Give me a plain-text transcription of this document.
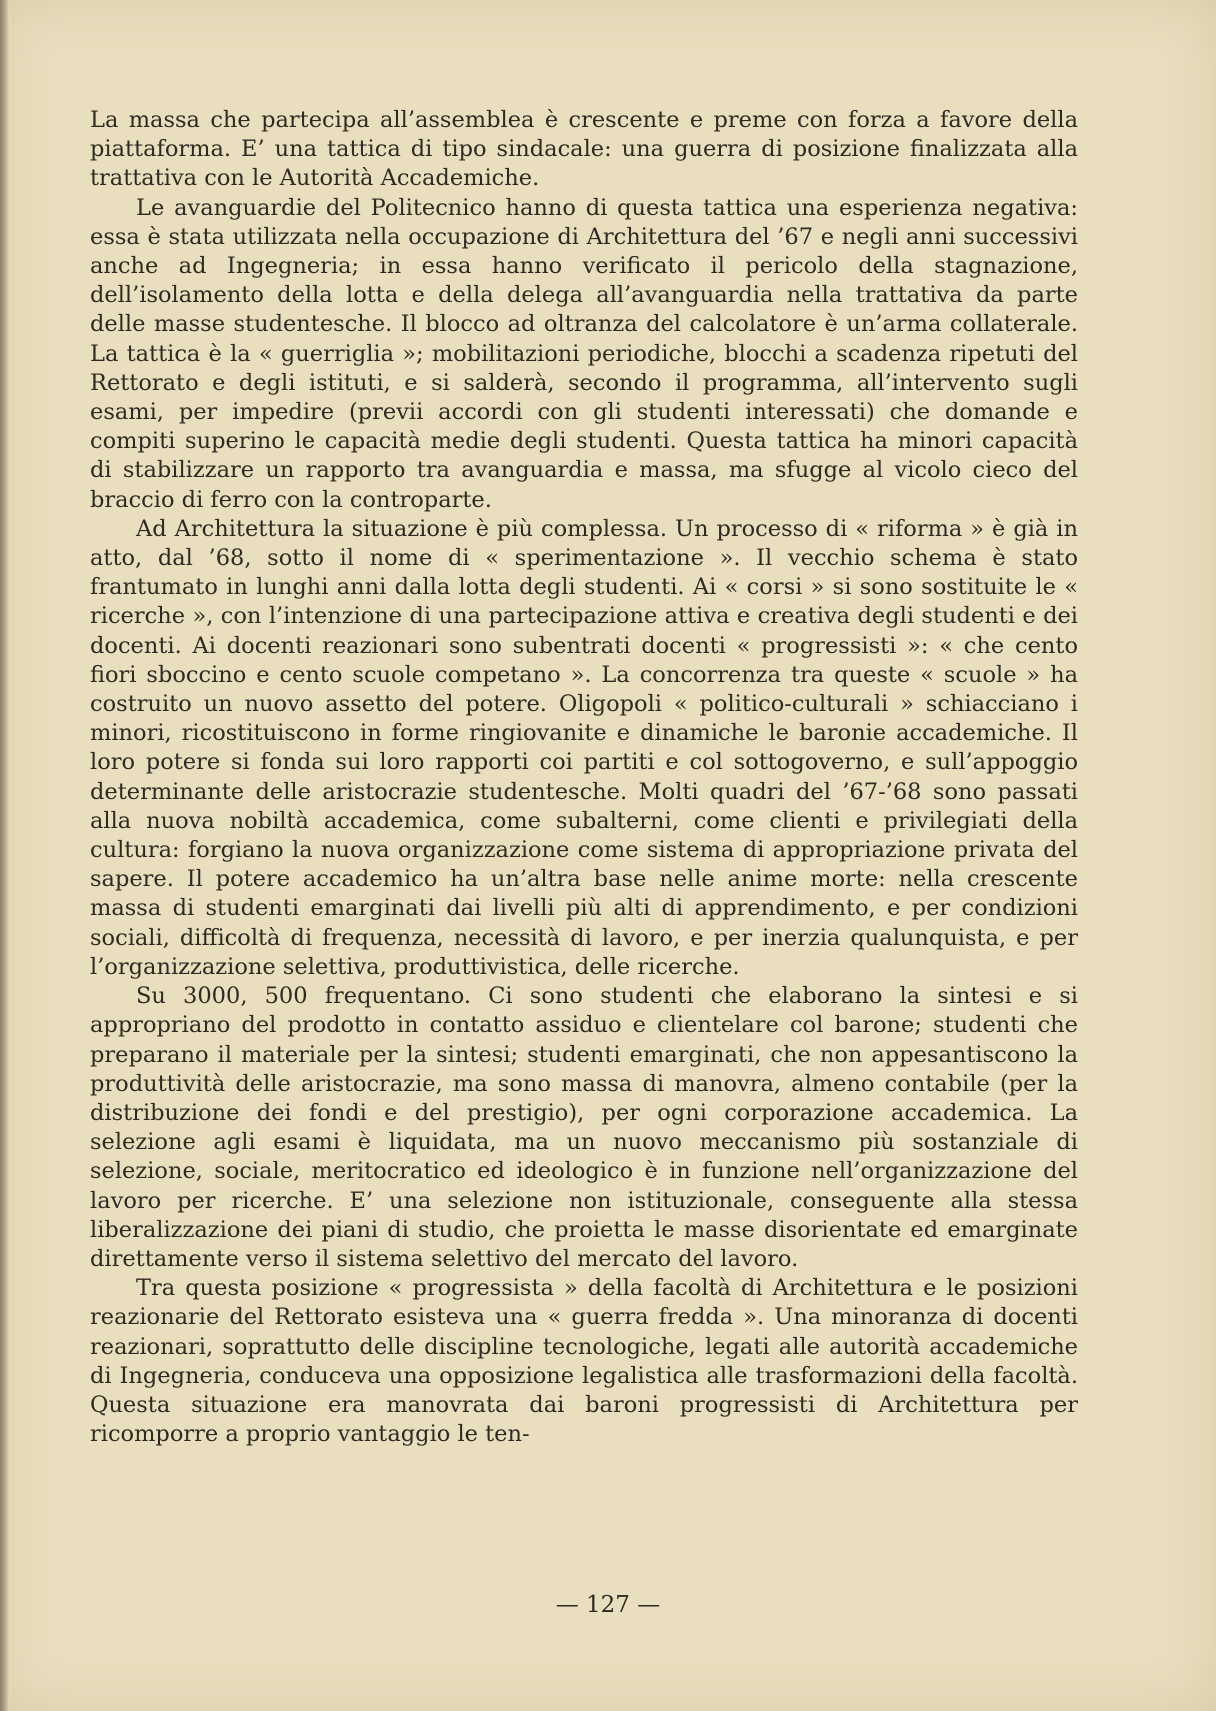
La massa che partecipa all’assemblea è crescente e preme con forza a favore della piattaforma. E’ una tattica di tipo sindacale: una guerra di posizione finalizzata alla trattativa con le Autorità Accademiche.

Le avanguardie del Politecnico hanno di questa tattica una esperienza negativa: essa è stata utilizzata nella occupazione di Architettura del ’67 e negli anni successivi anche ad Ingegneria; in essa hanno verificato il pericolo della stagnazione, dell’isolamento della lotta e della delega all’avanguardia nella trattativa da parte delle masse studentesche. Il blocco ad oltranza del calcolatore è un’arma collaterale. La tattica è la « guerriglia »; mobilitazioni periodiche, blocchi a scadenza ripetuti del Rettorato e degli istituti, e si salderà, secondo il programma, all’intervento sugli esami, per impedire (previi accordi con gli studenti interessati) che domande e compiti superino le capacità medie degli studenti. Questa tattica ha minori capacità di stabilizzare un rapporto tra avanguardia e massa, ma sfugge al vicolo cieco del braccio di ferro con la controparte.

Ad Architettura la situazione è più complessa. Un processo di « riforma » è già in atto, dal ’68, sotto il nome di « sperimentazione ». Il vecchio schema è stato frantumato in lunghi anni dalla lotta degli studenti. Ai « corsi » si sono sostituite le « ricerche », con l’intenzione di una partecipazione attiva e creativa degli studenti e dei docenti. Ai docenti reazionari sono subentrati docenti « progressisti »: « che cento fiori sboccino e cento scuole competano ». La concorrenza tra queste « scuole » ha costruito un nuovo assetto del potere. Oligopoli « politico-culturali » schiacciano i minori, ricostituiscono in forme ringiovanite e dinamiche le baronie accademiche. Il loro potere si fonda sui loro rapporti coi partiti e col sottogoverno, e sull’appoggio determinante delle aristocrazie studentesche. Molti quadri del ’67-’68 sono passati alla nuova nobiltà accademica, come subalterni, come clienti e privilegiati della cultura: forgiano la nuova organizzazione come sistema di appropriazione privata del sapere. Il potere accademico ha un’altra base nelle anime morte: nella crescente massa di studenti emarginati dai livelli più alti di apprendimento, e per condizioni sociali, difficoltà di frequenza, necessità di lavoro, e per inerzia qualunquista, e per l’organizzazione selettiva, produttivistica, delle ricerche.

Su 3000, 500 frequentano. Ci sono studenti che elaborano la sintesi e si appropriano del prodotto in contatto assiduo e clientelare col barone; studenti che preparano il materiale per la sintesi; studenti emarginati, che non appesantiscono la produttività delle aristocrazie, ma sono massa di manovra, almeno contabile (per la distribuzione dei fondi e del prestigio), per ogni corporazione accademica. La selezione agli esami è liquidata, ma un nuovo meccanismo più sostanziale di selezione, sociale, meritocratico ed ideologico è in funzione nell’organizzazione del lavoro per ricerche. E’ una selezione non istituzionale, conseguente alla stessa liberalizzazione dei piani di studio, che proietta le masse disorientate ed emarginate direttamente verso il sistema selettivo del mercato del lavoro.

Tra questa posizione « progressista » della facoltà di Architettura e le posizioni reazionarie del Rettorato esisteva una « guerra fredda ». Una minoranza di docenti reazionari, soprattutto delle discipline tecnologiche, legati alle autorità accademiche di Ingegneria, conduceva una opposizione legalistica alle trasformazioni della facoltà. Questa situazione era manovrata dai baroni progressisti di Architettura per ricomporre a proprio vantaggio le ten-

— 127 —
